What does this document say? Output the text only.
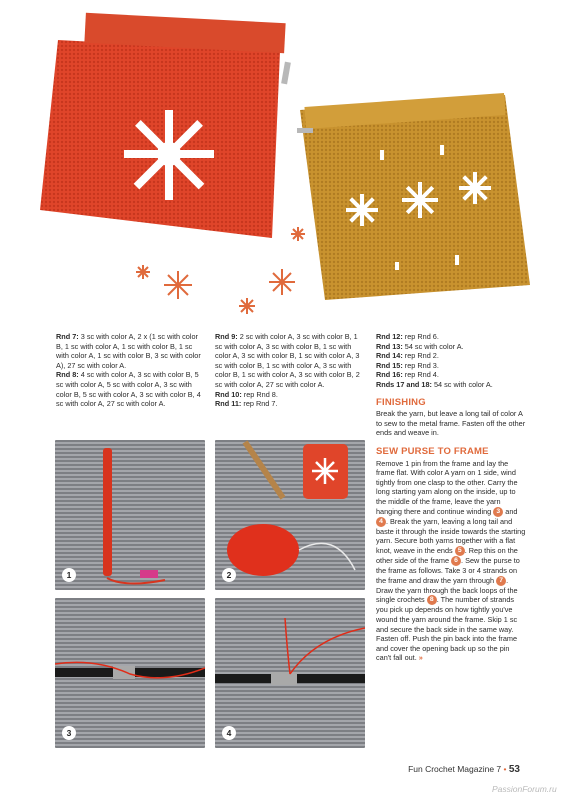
Rnd 7: 3 sc with color A, 2 x (1 sc with color B, 1 sc with color A, 1 sc with color B, 1 sc with color A, 1 sc with color B, 3 sc with color A), 27 sc with color A.

Rnd 8: 4 sc with color A, 3 sc with color B, 5 sc with color A, 5 sc with color A, 3 sc with color B, 5 sc with color A, 3 sc with color B, 4 sc with color A, 27 sc with color A.

Rnd 9: 2 sc with color A, 3 sc with color B, 1 sc with color A, 3 sc with color B, 1 sc with color A, 3 sc with color B, 1 sc with color A, 3 sc with color B, 1 sc with color A, 3 sc with color B, 1 sc with color A, 3 sc with color B, 2 sc with color A, 27 sc with color A.

Rnd 10: rep Rnd 8.

Rnd 11: rep Rnd 7.

Rnd 12: rep Rnd 6.

Rnd 13: 54 sc with color A.

Rnd 14: rep Rnd 2.

Rnd 15: rep Rnd 3.

Rnd 16: rep Rnd 4.

Rnds 17 and 18: 54 sc with color A.

FINISHING

Break the yarn, but leave a long tail of color A to sew to the metal frame. Fasten off the other ends and weave in.

SEW PURSE TO FRAME

Remove 1 pin from the frame and lay the frame flat. With color A yarn on 1 side, wind tightly from one clasp to the other. Carry the long starting yarn along on the inside, up to the middle of the frame, leave the yarn hanging there and continue winding 3 and 4 . Break the yarn, leaving a long tail and baste it through the inside towards the starting yarn. Secure both yarns together with a flat knot, weave in the ends 5 . Rep this on the other side of the frame 6 . Sew the purse to the frame as follows. Take 3 or 4 strands on the frame and draw the yarn through 7 . Draw the yarn through the back loops of the single crochets 8 . The number of strands you pick up depends on how tightly you've wound the yarn around the frame. Skip 1 sc and secure the back side in the same way. Fasten off. Push the pin back into the frame and cover the opening back up so the pin can't fall out. »

1	2
3	4
Fun Crochet Magazine 7 • 53
PassionForum.ru
